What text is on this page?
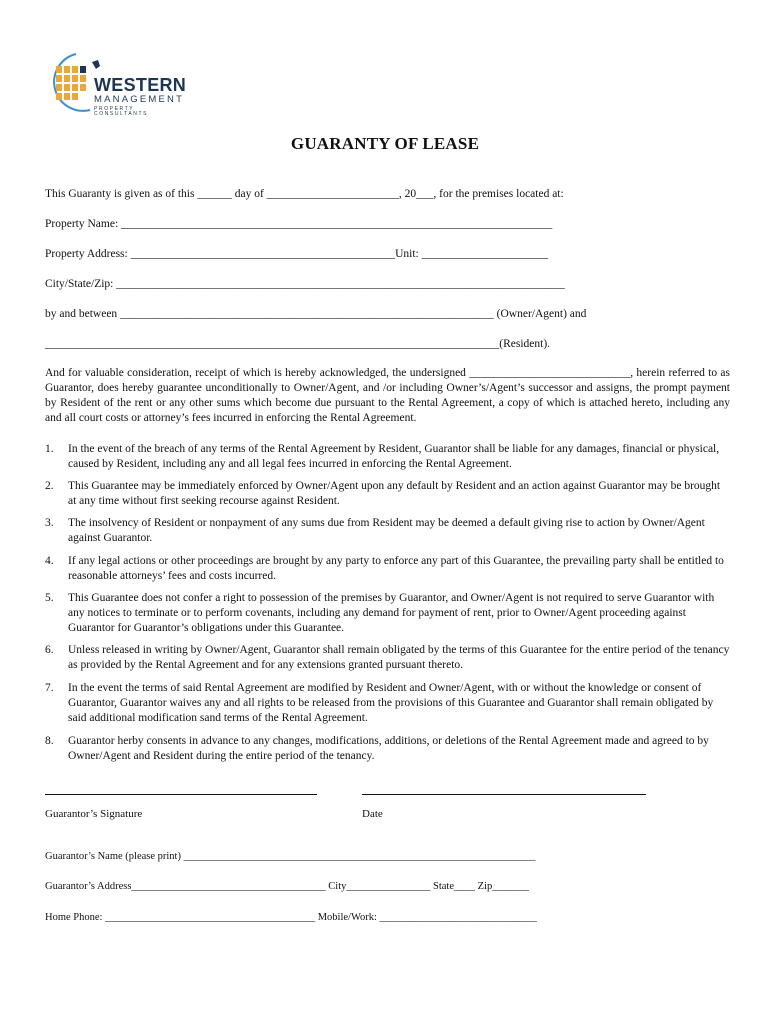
WESTERN
MANAGEMENT
PROPERTY CONSULTANTS
GUARANTY OF LEASE
This Guaranty is given as of this ______ day of _______________________, 20___, for the premises located at:
Property Name: ___________________________________________________________________________
Property Address: ______________________________________________Unit: ______________________
City/State/Zip: ______________________________________________________________________________
by and between _________________________________________________________________ (Owner/Agent) and
_______________________________________________________________________________(Resident).
And for valuable consideration, receipt of which is hereby acknowledged, the undersigned ____________________________, herein referred to as Guarantor, does hereby guarantee unconditionally to Owner/Agent, and /or including Owner’s/Agent’s successor and assigns, the prompt payment by Resident of the rent or any other sums which become due pursuant to the Rental Agreement, a copy of which is attached hereto, including any and all court costs or attorney’s fees incurred in enforcing the Rental Agreement.
1.	In the event of the breach of any terms of the Rental Agreement by Resident, Guarantor shall be liable for any damages, financial or physical, caused by Resident, including any and all legal fees incurred in enforcing the Rental Agreement.
2.	This Guarantee may be immediately enforced by Owner/Agent upon any default by Resident and an action against Guarantor may be brought at any time without first seeking recourse against Resident.
3.	The insolvency of Resident or nonpayment of any sums due from Resident may be deemed a default giving rise to action by Owner/Agent against Guarantor.
4.	If any legal actions or other proceedings are brought by any party to enforce any part of this Guarantee, the prevailing party shall be entitled to reasonable attorneys’ fees and costs incurred.
5.	This Guarantee does not confer a right to possession of the premises by Guarantor, and Owner/Agent is not required to serve Guarantor with any notices to terminate or to perform covenants, including any demand for payment of rent, prior to Owner/Agent proceeding against Guarantor for Guarantor’s obligations under this Guarantee.
6.	Unless released in writing by Owner/Agent, Guarantor shall remain obligated by the terms of this Guarantee for the entire period of the tenancy as provided by the Rental Agreement and for any extensions granted pursuant thereto.
7.	In the event the terms of said Rental Agreement are modified by Resident and Owner/Agent, with or without the knowledge or consent of Guarantor, Guarantor waives any and all rights to be released from the provisions of this Guarantee and Guarantor shall remain obligated by said additional modification sand terms of the Rental Agreement.
8.	Guarantor herby consents in advance to any changes, modifications, additions, or deletions of the Rental Agreement made and agreed to by Owner/Agent and Resident during the entire period of the tenancy.
Guarantor’s Signature	Date
Guarantor’s Name (please print) ___________________________________________________________________
Guarantor’s Address_____________________________________ City________________ State____ Zip_______
Home Phone: ________________________________________ Mobile/Work: ______________________________
